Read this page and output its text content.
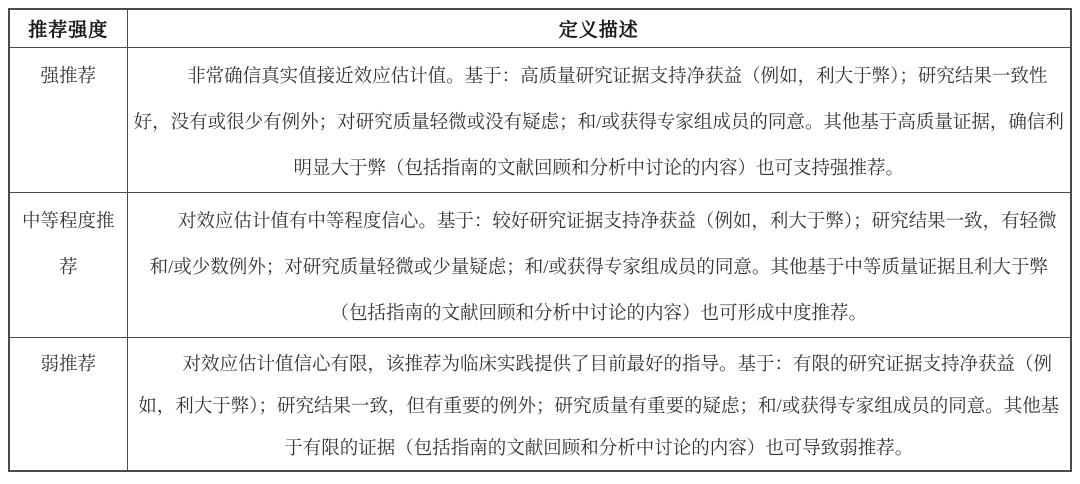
推荐强度	定义描述
强推荐	非常确信真实值接近效应估计值。基于：高质量研究证据支持净获益（例如，利大于弊）；研究结果一致性好，没有或很少有例外；对研究质量轻微或没有疑虑；和/或获得专家组成员的同意。其他基于高质量证据，确信利明显大于弊（包括指南的文献回顾和分析中讨论的内容）也可支持强推荐。
中等程度推荐	对效应估计值有中等程度信心。基于：较好研究证据支持净获益（例如，利大于弊）；研究结果一致，有轻微和/或少数例外；对研究质量轻微或少量疑虑；和/或获得专家组成员的同意。其他基于中等质量证据且利大于弊（包括指南的文献回顾和分析中讨论的内容）也可形成中度推荐。
弱推荐	对效应估计值信心有限，该推荐为临床实践提供了目前最好的指导。基于：有限的研究证据支持净获益（例如，利大于弊）；研究结果一致，但有重要的例外；研究质量有重要的疑虑；和/或获得专家组成员的同意。其他基于有限的证据（包括指南的文献回顾和分析中讨论的内容）也可导致弱推荐。
